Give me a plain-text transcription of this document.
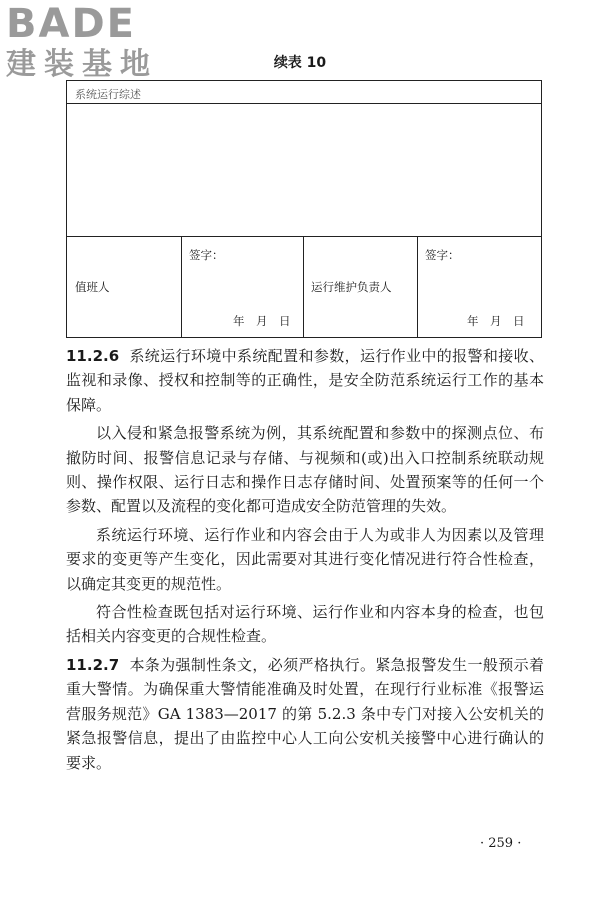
BADE
建装基地	续表 10
系统运行综述
值班人
签字：
年　月　日
运行维护负责人
签字：
年　月　日

11.2.6 系统运行环境中系统配置和参数，运行作业中的报警和接收、监视和录像、授权和控制等的正确性，是安全防范系统运行工作的基本保障。

以入侵和紧急报警系统为例，其系统配置和参数中的探测点位、布撤防时间、报警信息记录与存储、与视频和(或)出入口控制系统联动规则、操作权限、运行日志和操作日志存储时间、处置预案等的任何一个参数、配置以及流程的变化都可造成安全防范管理的失效。

系统运行环境、运行作业和内容会由于人为或非人为因素以及管理要求的变更等产生变化，因此需要对其进行变化情况进行符合性检查，以确定其变更的规范性。

符合性检查既包括对运行环境、运行作业和内容本身的检查，也包括相关内容变更的合规性检查。

11.2.7 本条为强制性条文，必须严格执行。紧急报警发生一般预示着重大警情。为确保重大警情能准确及时处置，在现行行业标准《报警运营服务规范》GA 1383—2017 的第 5.2.3 条中专门对接入公安机关的紧急报警信息，提出了由监控中心人工向公安机关接警中心进行确认的要求。

· 259 ·
